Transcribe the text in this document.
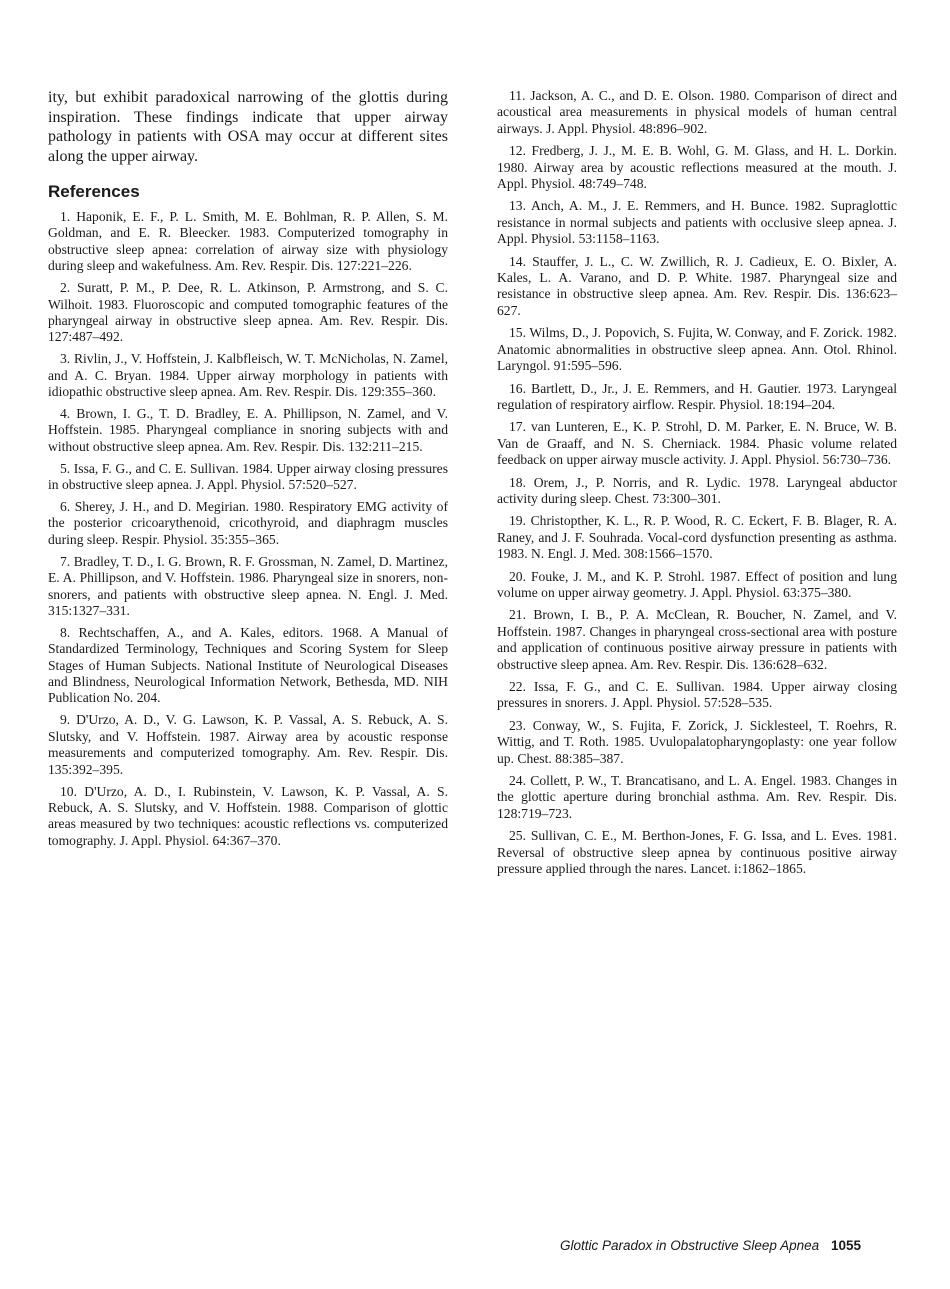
ity, but exhibit paradoxical narrowing of the glottis during inspiration. These findings indicate that upper airway pathology in patients with OSA may occur at different sites along the upper airway.

References

1. Haponik, E. F., P. L. Smith, M. E. Bohlman, R. P. Allen, S. M. Goldman, and E. R. Bleecker. 1983. Computerized tomography in obstructive sleep apnea: correlation of airway size with physiology during sleep and wakefulness. Am. Rev. Respir. Dis. 127:221–226.

2. Suratt, P. M., P. Dee, R. L. Atkinson, P. Armstrong, and S. C. Wilhoit. 1983. Fluoroscopic and computed tomographic features of the pharyngeal airway in obstructive sleep apnea. Am. Rev. Respir. Dis. 127:487–492.

3. Rivlin, J., V. Hoffstein, J. Kalbfleisch, W. T. McNicholas, N. Zamel, and A. C. Bryan. 1984. Upper airway morphology in patients with idiopathic obstructive sleep apnea. Am. Rev. Respir. Dis. 129:355–360.

4. Brown, I. G., T. D. Bradley, E. A. Phillipson, N. Zamel, and V. Hoffstein. 1985. Pharyngeal compliance in snoring subjects with and without obstructive sleep apnea. Am. Rev. Respir. Dis. 132:211–215.

5. Issa, F. G., and C. E. Sullivan. 1984. Upper airway closing pressures in obstructive sleep apnea. J. Appl. Physiol. 57:520–527.

6. Sherey, J. H., and D. Megirian. 1980. Respiratory EMG activity of the posterior cricoarythenoid, cricothyroid, and diaphragm muscles during sleep. Respir. Physiol. 35:355–365.

7. Bradley, T. D., I. G. Brown, R. F. Grossman, N. Zamel, D. Martinez, E. A. Phillipson, and V. Hoffstein. 1986. Pharyngeal size in snorers, non-snorers, and patients with obstructive sleep apnea. N. Engl. J. Med. 315:1327–331.

8. Rechtschaffen, A., and A. Kales, editors. 1968. A Manual of Standardized Terminology, Techniques and Scoring System for Sleep Stages of Human Subjects. National Institute of Neurological Diseases and Blindness, Neurological Information Network, Bethesda, MD. NIH Publication No. 204.

9. D'Urzo, A. D., V. G. Lawson, K. P. Vassal, A. S. Rebuck, A. S. Slutsky, and V. Hoffstein. 1987. Airway area by acoustic response measurements and computerized tomography. Am. Rev. Respir. Dis. 135:392–395.

10. D'Urzo, A. D., I. Rubinstein, V. Lawson, K. P. Vassal, A. S. Rebuck, A. S. Slutsky, and V. Hoffstein. 1988. Comparison of glottic areas measured by two techniques: acoustic reflections vs. computerized tomography. J. Appl. Physiol. 64:367–370.

11. Jackson, A. C., and D. E. Olson. 1980. Comparison of direct and acoustical area measurements in physical models of human central airways. J. Appl. Physiol. 48:896–902.

12. Fredberg, J. J., M. E. B. Wohl, G. M. Glass, and H. L. Dorkin. 1980. Airway area by acoustic reflections measured at the mouth. J. Appl. Physiol. 48:749–748.

13. Anch, A. M., J. E. Remmers, and H. Bunce. 1982. Supraglottic resistance in normal subjects and patients with occlusive sleep apnea. J. Appl. Physiol. 53:1158–1163.

14. Stauffer, J. L., C. W. Zwillich, R. J. Cadieux, E. O. Bixler, A. Kales, L. A. Varano, and D. P. White. 1987. Pharyngeal size and resistance in obstructive sleep apnea. Am. Rev. Respir. Dis. 136:623–627.

15. Wilms, D., J. Popovich, S. Fujita, W. Conway, and F. Zorick. 1982. Anatomic abnormalities in obstructive sleep apnea. Ann. Otol. Rhinol. Laryngol. 91:595–596.

16. Bartlett, D., Jr., J. E. Remmers, and H. Gautier. 1973. Laryngeal regulation of respiratory airflow. Respir. Physiol. 18:194–204.

17. van Lunteren, E., K. P. Strohl, D. M. Parker, E. N. Bruce, W. B. Van de Graaff, and N. S. Cherniack. 1984. Phasic volume related feedback on upper airway muscle activity. J. Appl. Physiol. 56:730–736.

18. Orem, J., P. Norris, and R. Lydic. 1978. Laryngeal abductor activity during sleep. Chest. 73:300–301.

19. Christopther, K. L., R. P. Wood, R. C. Eckert, F. B. Blager, R. A. Raney, and J. F. Souhrada. Vocal-cord dysfunction presenting as asthma. 1983. N. Engl. J. Med. 308:1566–1570.

20. Fouke, J. M., and K. P. Strohl. 1987. Effect of position and lung volume on upper airway geometry. J. Appl. Physiol. 63:375–380.

21. Brown, I. B., P. A. McClean, R. Boucher, N. Zamel, and V. Hoffstein. 1987. Changes in pharyngeal cross-sectional area with posture and application of continuous positive airway pressure in patients with obstructive sleep apnea. Am. Rev. Respir. Dis. 136:628–632.

22. Issa, F. G., and C. E. Sullivan. 1984. Upper airway closing pressures in snorers. J. Appl. Physiol. 57:528–535.

23. Conway, W., S. Fujita, F. Zorick, J. Sicklesteel, T. Roehrs, R. Wittig, and T. Roth. 1985. Uvulopalatopharyngoplasty: one year follow up. Chest. 88:385–387.

24. Collett, P. W., T. Brancatisano, and L. A. Engel. 1983. Changes in the glottic aperture during bronchial asthma. Am. Rev. Respir. Dis. 128:719–723.

25. Sullivan, C. E., M. Berthon-Jones, F. G. Issa, and L. Eves. 1981. Reversal of obstructive sleep apnea by continuous positive airway pressure applied through the nares. Lancet. i:1862–1865.

Glottic Paradox in Obstructive Sleep Apnea 1055
